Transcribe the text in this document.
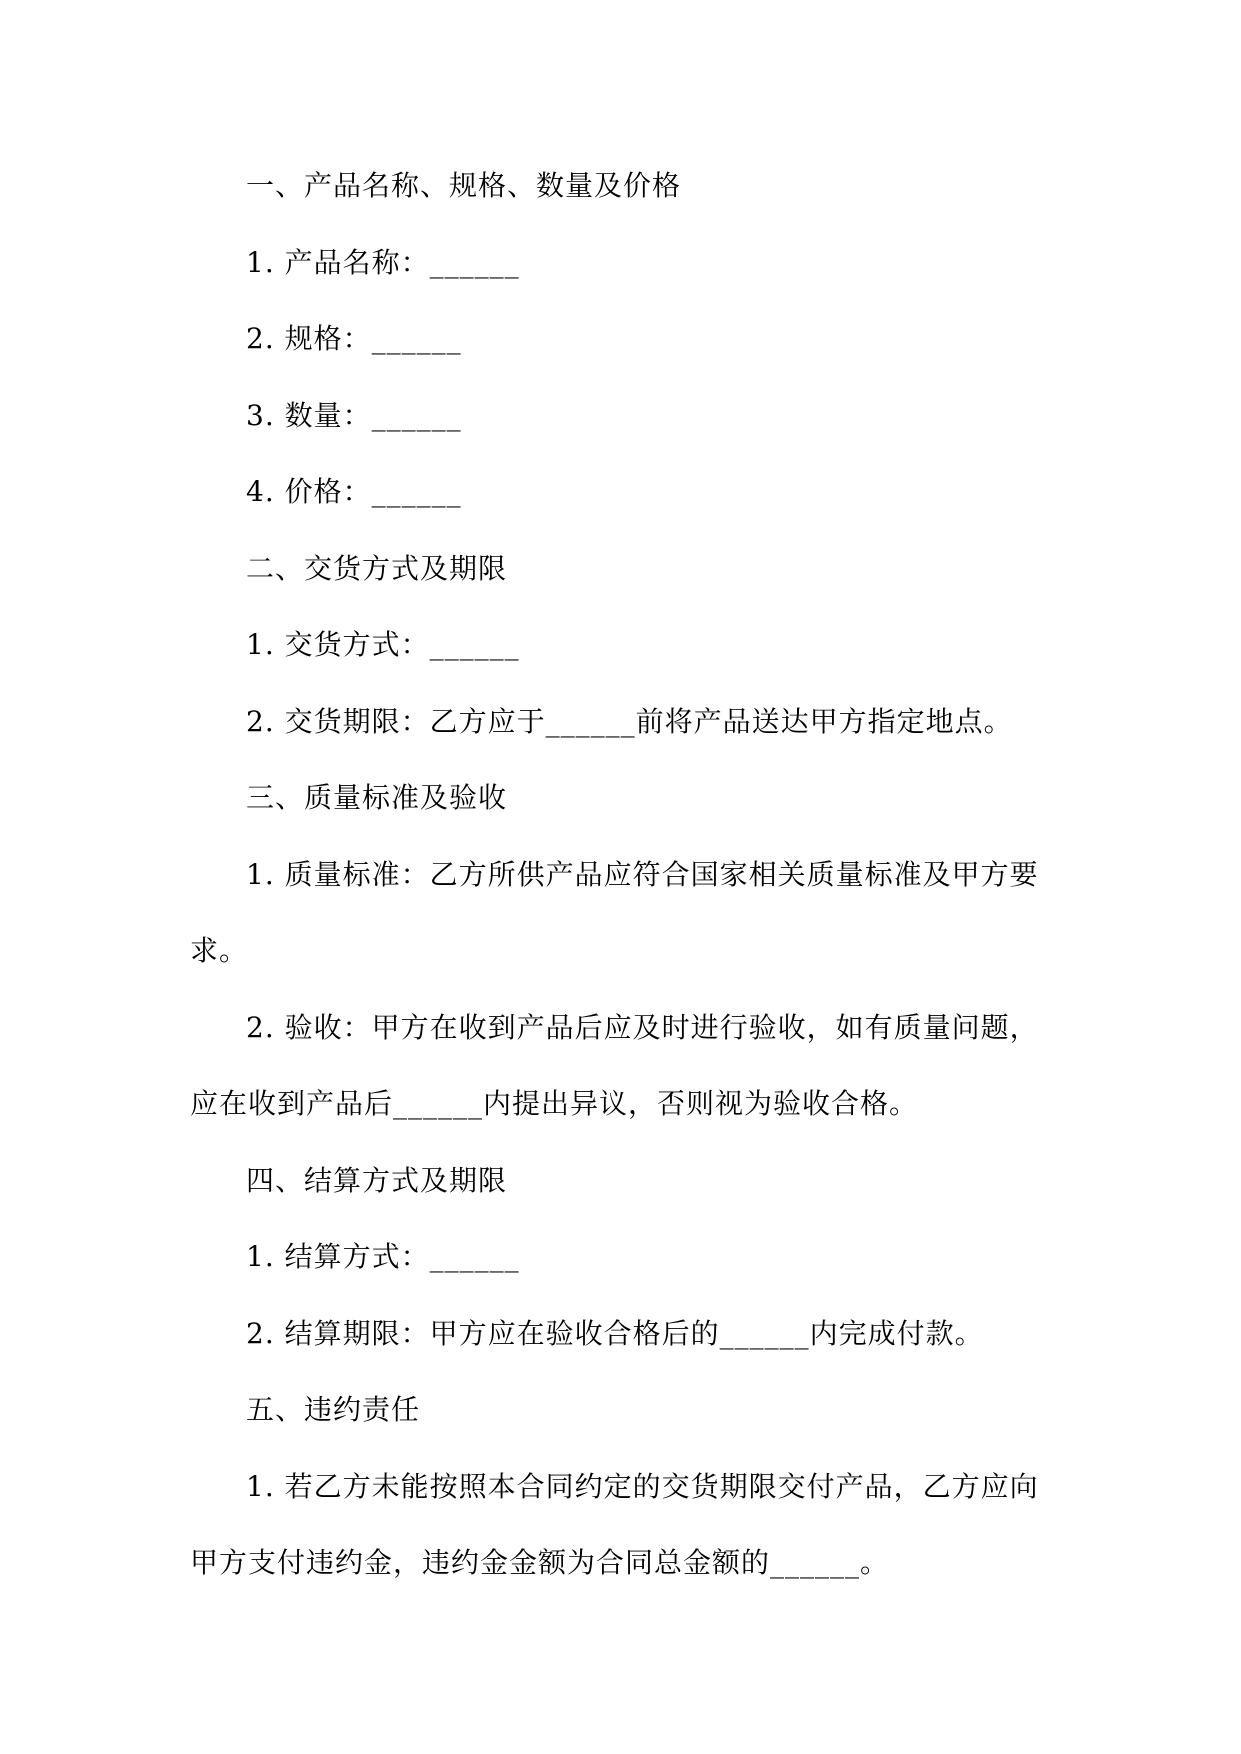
一、产品名称、规格、数量及价格

1. 产品名称：______

2. 规格：______

3. 数量：______

4. 价格：______

二、交货方式及期限

1. 交货方式：______

2. 交货期限：乙方应于______前将产品送达甲方指定地点。

三、质量标准及验收

1. 质量标准：乙方所供产品应符合国家相关质量标准及甲方要求。

2. 验收：甲方在收到产品后应及时进行验收，如有质量问题，应在收到产品后______内提出异议，否则视为验收合格。

四、结算方式及期限

1. 结算方式：______

2. 结算期限：甲方应在验收合格后的______内完成付款。

五、违约责任

1. 若乙方未能按照本合同约定的交货期限交付产品，乙方应向甲方支付违约金，违约金金额为合同总金额的______。
